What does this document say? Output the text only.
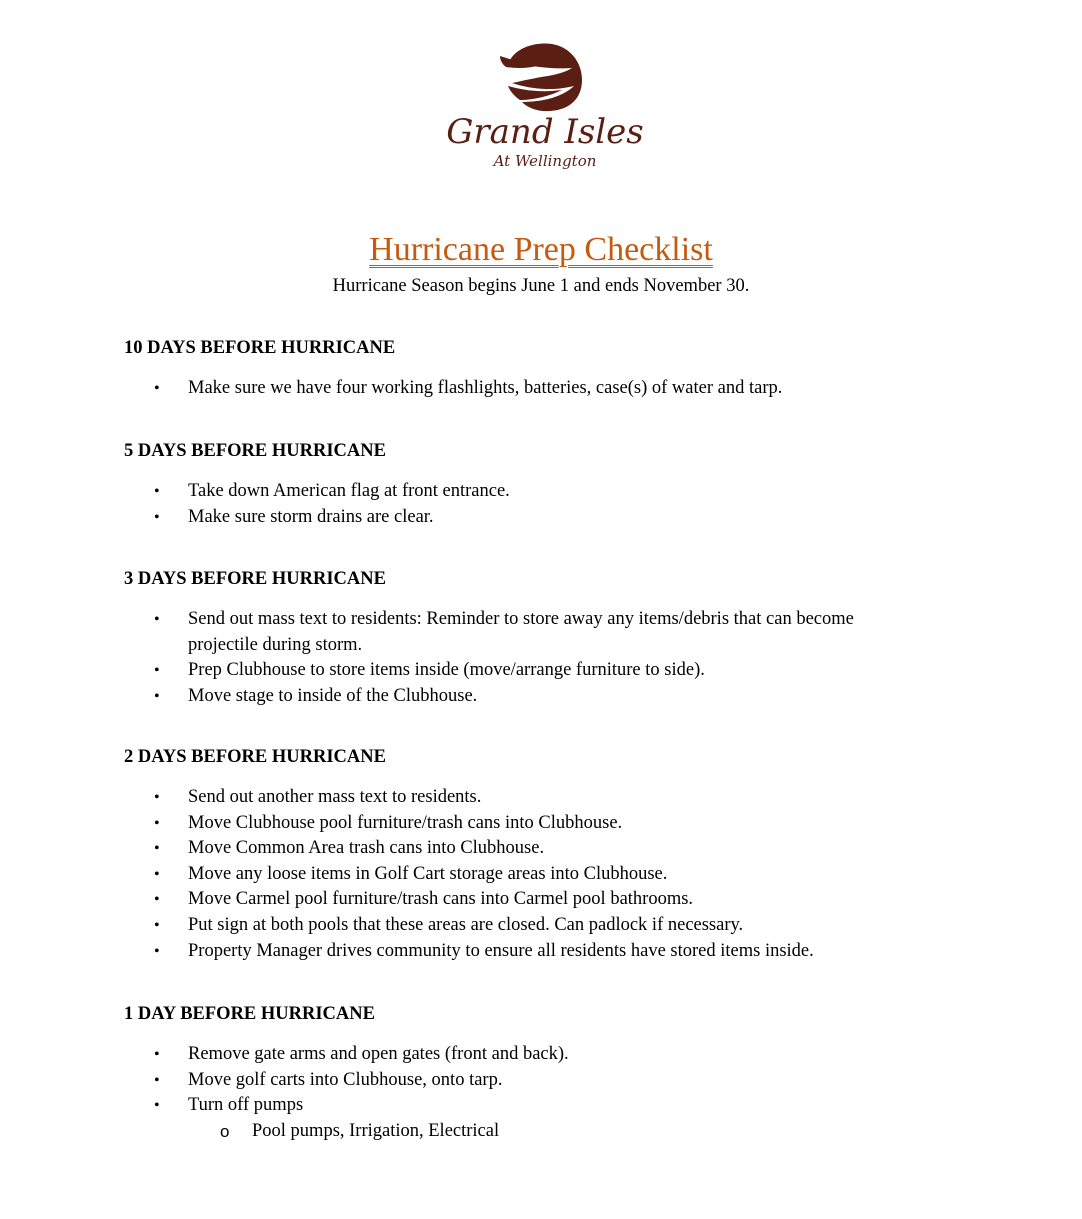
Grand Isles
At Wellington
Hurricane Prep Checklist
Hurricane Season begins June 1 and ends November 30.
10 DAYS BEFORE HURRICANE
• Make sure we have four working flashlights, batteries, case(s) of water and tarp.
5 DAYS BEFORE HURRICANE
• Take down American flag at front entrance.
• Make sure storm drains are clear.
3 DAYS BEFORE HURRICANE
• Send out mass text to residents: Reminder to store away any items/debris that can become projectile during storm.
• Prep Clubhouse to store items inside (move/arrange furniture to side).
• Move stage to inside of the Clubhouse.
2 DAYS BEFORE HURRICANE
• Send out another mass text to residents.
• Move Clubhouse pool furniture/trash cans into Clubhouse.
• Move Common Area trash cans into Clubhouse.
• Move any loose items in Golf Cart storage areas into Clubhouse.
• Move Carmel pool furniture/trash cans into Carmel pool bathrooms.
• Put sign at both pools that these areas are closed. Can padlock if necessary.
• Property Manager drives community to ensure all residents have stored items inside.
1 DAY BEFORE HURRICANE
• Remove gate arms and open gates (front and back).
• Move golf carts into Clubhouse, onto tarp.
• Turn off pumps
o Pool pumps, Irrigation, Electrical
